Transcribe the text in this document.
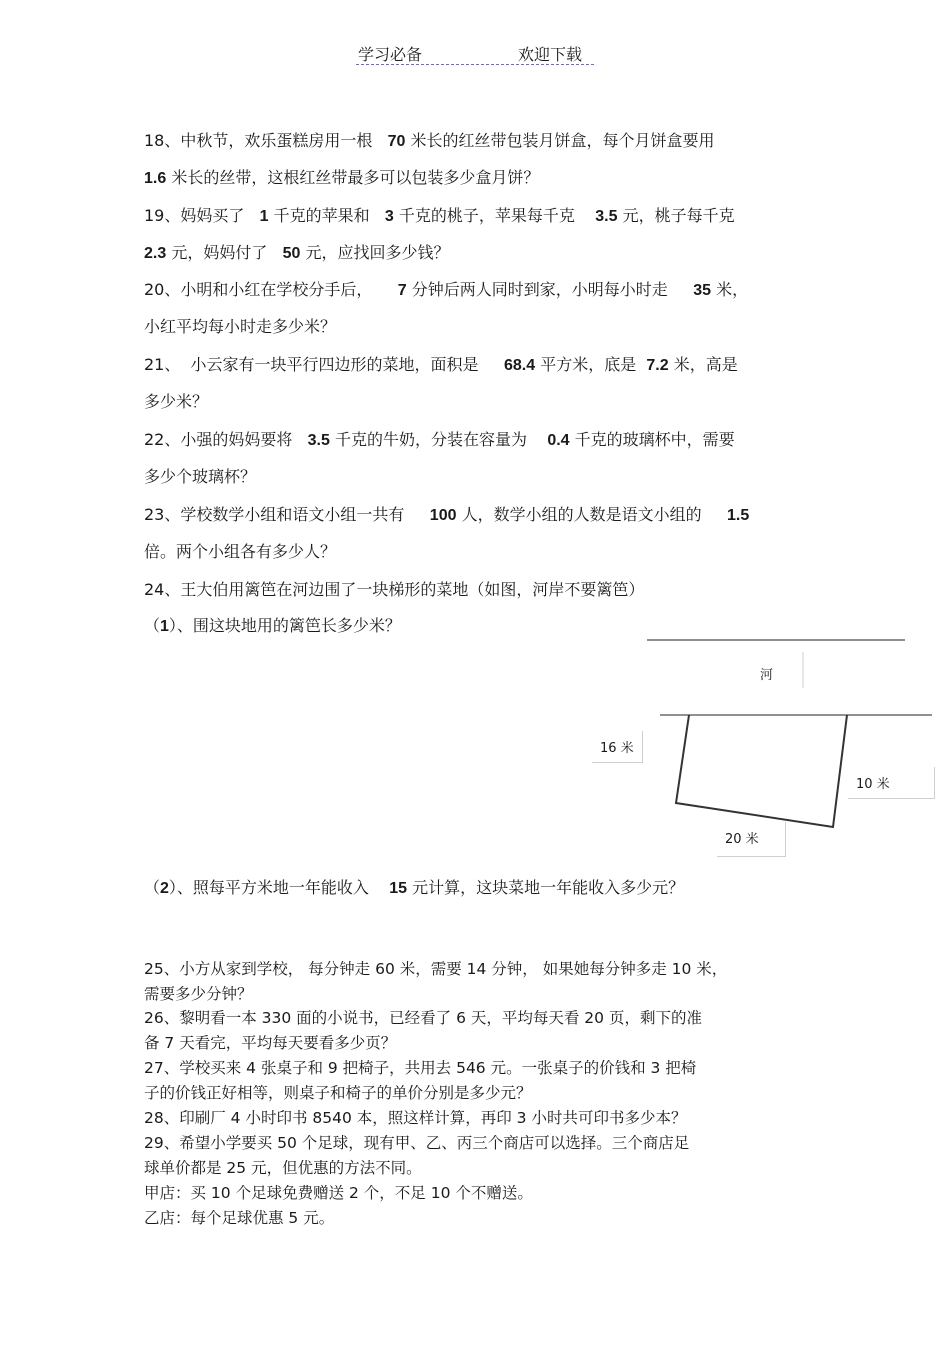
学习必备	欢迎下载
18、中秋节，欢乐蛋糕房用一根   70 米长的红丝带包装月饼盒，每个月饼盒要用
1.6 米长的丝带，这根红丝带最多可以包装多少盒月饼？
19、妈妈买了   1 千克的苹果和   3 千克的桃子，苹果每千克    3.5 元，桃子每千克
2.3 元，妈妈付了   50 元，应找回多少钱？
20、小明和小红在学校分手后，     7 分钟后两人同时到家，小明每小时走     35 米，
小红平均每小时走多少米？
21、  小云家有一块平行四边形的菜地，面积是     68.4 平方米，底是  7.2 米，高是
多少米？
22、小强的妈妈要将   3.5 千克的牛奶，分装在容量为    0.4 千克的玻璃杯中，需要
多少个玻璃杯？
23、学校数学小组和语文小组一共有     100 人，数学小组的人数是语文小组的     1.5
倍。两个小组各有多少人？
24、王大伯用篱笆在河边围了一块梯形的菜地（如图，河岸不要篱笆）
（1）、围这块地用的篱笆长多少米？
（2）、照每平方米地一年能收入    15 元计算，这块菜地一年能收入多少元？
河
16 米
10 米
20 米
25、小方从家到学校， 每分钟走 60 米，需要 14 分钟， 如果她每分钟多走 10 米，
需要多少分钟？
26、黎明看一本 330 面的小说书，已经看了 6 天，平均每天看 20 页，剩下的准
备 7 天看完，平均每天要看多少页？
27、学校买来 4 张桌子和 9 把椅子，共用去 546 元。一张桌子的价钱和 3 把椅
子的价钱正好相等，则桌子和椅子的单价分别是多少元？
28、印刷厂 4 小时印书 8540 本，照这样计算，再印 3 小时共可印书多少本？
29、希望小学要买 50 个足球，现有甲、乙、丙三个商店可以选择。三个商店足
球单价都是 25 元，但优惠的方法不同。
甲店：买 10 个足球免费赠送 2 个，不足 10 个不赠送。
乙店：每个足球优惠 5 元。
